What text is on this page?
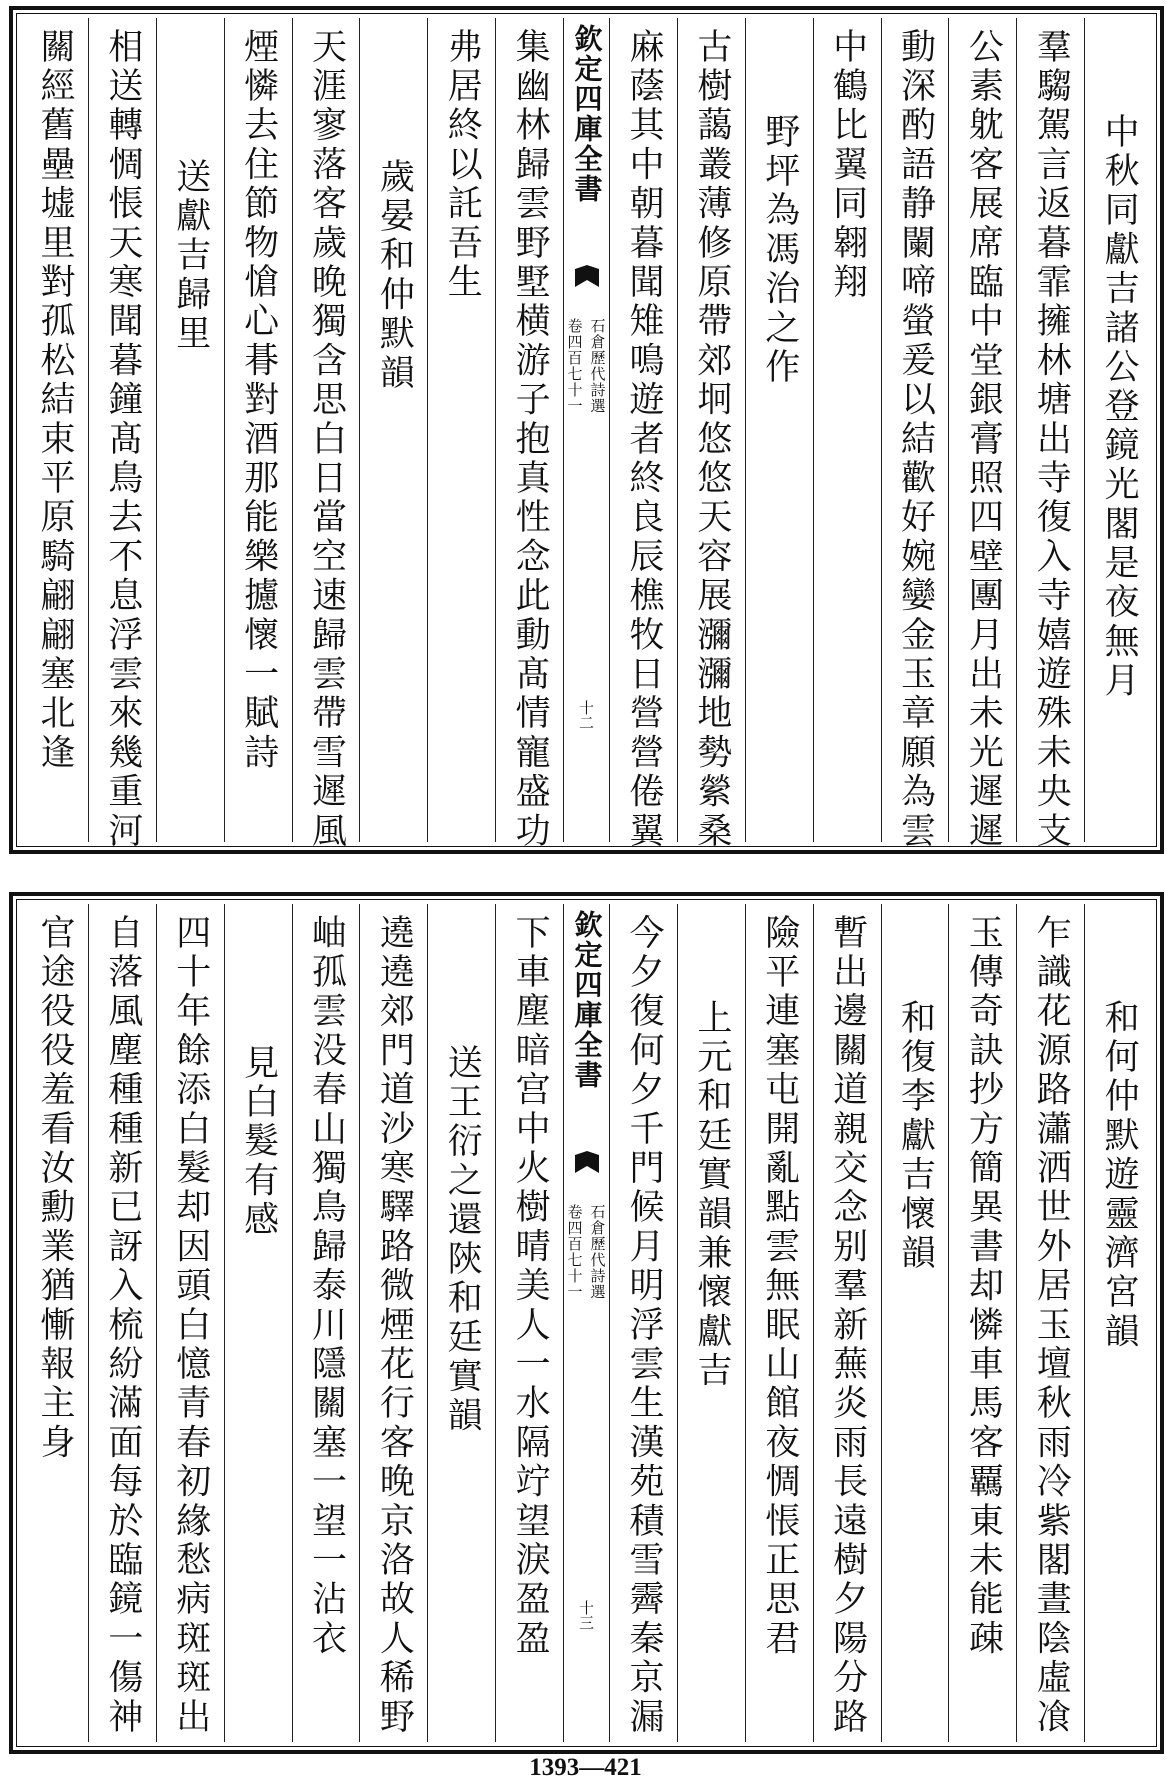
中秋同獻吉諸公登鏡光閣是夜無月
羣騶駕言返暮霏擁林塘出寺復入寺嬉遊殊未央支
公素躭客展席臨中堂銀膏照四壁團月出未光遲遲
動深酌語静闌啼螢爰以結歡好婉孌金玉章願為雲
中鶴比翼同翱翔
野坪為馮治之作
古樹藹叢薄修原帶郊坰悠悠天容展瀰瀰地勢縈桑
麻蔭其中朝暮聞雉鳴遊者終良辰樵牧日營營倦翼
欽定四庫全書
石倉歷代詩選
卷四百七十一
十二
集幽林歸雲野墅横游子抱真性念此動髙情寵盛功
弗居終以託吾生
歲晏和仲默韻
天涯寥落客歲晚獨含思白日當空速歸雲帶雪遲風
煙憐去住節物愴心朞對酒那能樂攄懷一賦詩
送獻吉歸里
相送轉惆悵天寒聞暮鐘髙鳥去不息浮雲來幾重河
關經舊壘墟里對孤松結束平原騎翩翩塞北逢
和何仲默遊靈濟宮韻
乍識花源路瀟洒世外居玉壇秋雨冷紫閣晝陰虛飡
玉傳奇訣抄方簡異書却憐車馬客覊東未能疎
和復李獻吉懷韻
暫出邊關道親交念别羣新蕪炎雨長遠樹夕陽分路
險平連塞屯開亂點雲無眠山館夜惆悵正思君
上元和廷實韻兼懷獻吉
今夕復何夕千門候月明浮雲生漢苑積雪霽秦京漏
欽定四庫全書
石倉歷代詩選
卷四百七十一
十三
下車塵暗宫中火樹晴美人一水隔竚望淚盈盈
送王衍之還陝和廷實韻
遶遶郊門道沙寒驛路微煙花行客晚京洛故人稀野
岫孤雲没春山獨鳥歸泰川隱關塞一望一沾衣
見白髮有感
四十年餘添白髮却因頭白憶青春初緣愁病斑斑出
自落風塵種種新已訝入梳紛滿面每於臨鏡一傷神
官途役役羞看汝勳業猶慚報主身
1393—421
